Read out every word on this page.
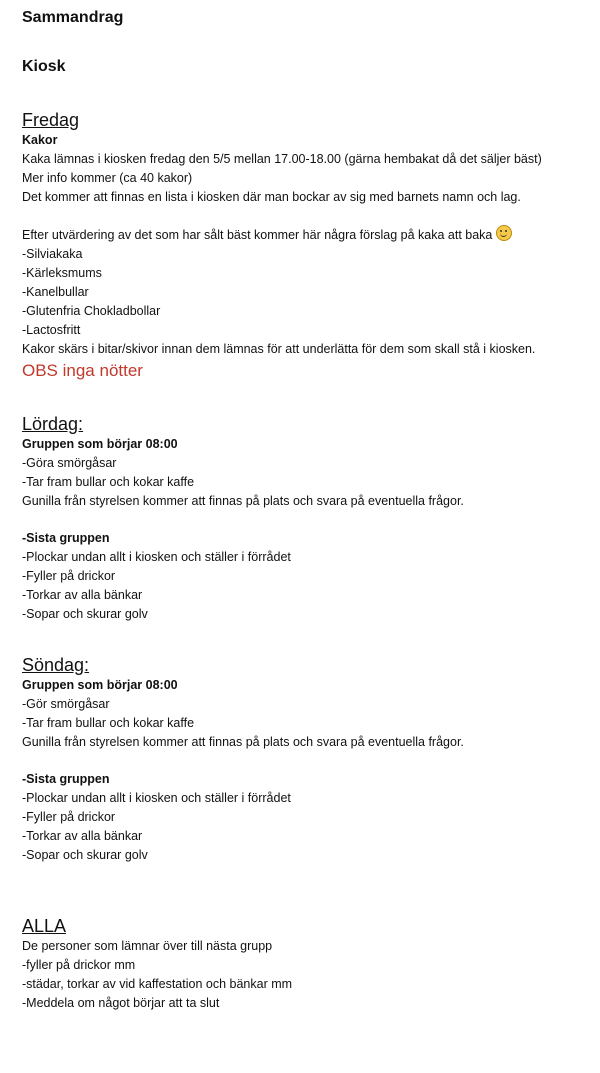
Sammandrag

Kiosk

Fredag

Kakor

Kaka lämnas i kiosken fredag den 5/5 mellan 17.00-18.00 (gärna hembakat då det säljer bäst)

Mer info kommer (ca 40 kakor)

Det kommer att finnas en lista i kiosken där man bockar av sig med barnets namn och lag.

Efter utvärdering av det som har sålt bäst kommer här några förslag på kaka att baka

-Silviakaka

-Kärleksmums

-Kanelbullar

-Glutenfria Chokladbollar

-Lactosfritt

Kakor skärs i bitar/skivor innan dem lämnas för att underlätta för dem som skall stå i kiosken.

OBS inga nötter

Lördag:

Gruppen som börjar 08:00

-Göra smörgåsar

-Tar fram bullar och kokar kaffe

Gunilla från styrelsen kommer att finnas på plats och svara på eventuella frågor.

-Sista gruppen

-Plockar undan allt i kiosken och ställer i förrådet

-Fyller på drickor

-Torkar av alla bänkar

-Sopar och skurar golv

Söndag:

Gruppen som börjar 08:00

-Gör smörgåsar

-Tar fram bullar och kokar kaffe

Gunilla från styrelsen kommer att finnas på plats och svara på eventuella frågor.

-Sista gruppen

-Plockar undan allt i kiosken och ställer i förrådet

-Fyller på drickor

-Torkar av alla bänkar

-Sopar och skurar golv

ALLA

De personer som lämnar över till nästa grupp

-fyller på drickor mm

-städar, torkar av vid kaffestation och bänkar mm

-Meddela om något börjar att ta slut
